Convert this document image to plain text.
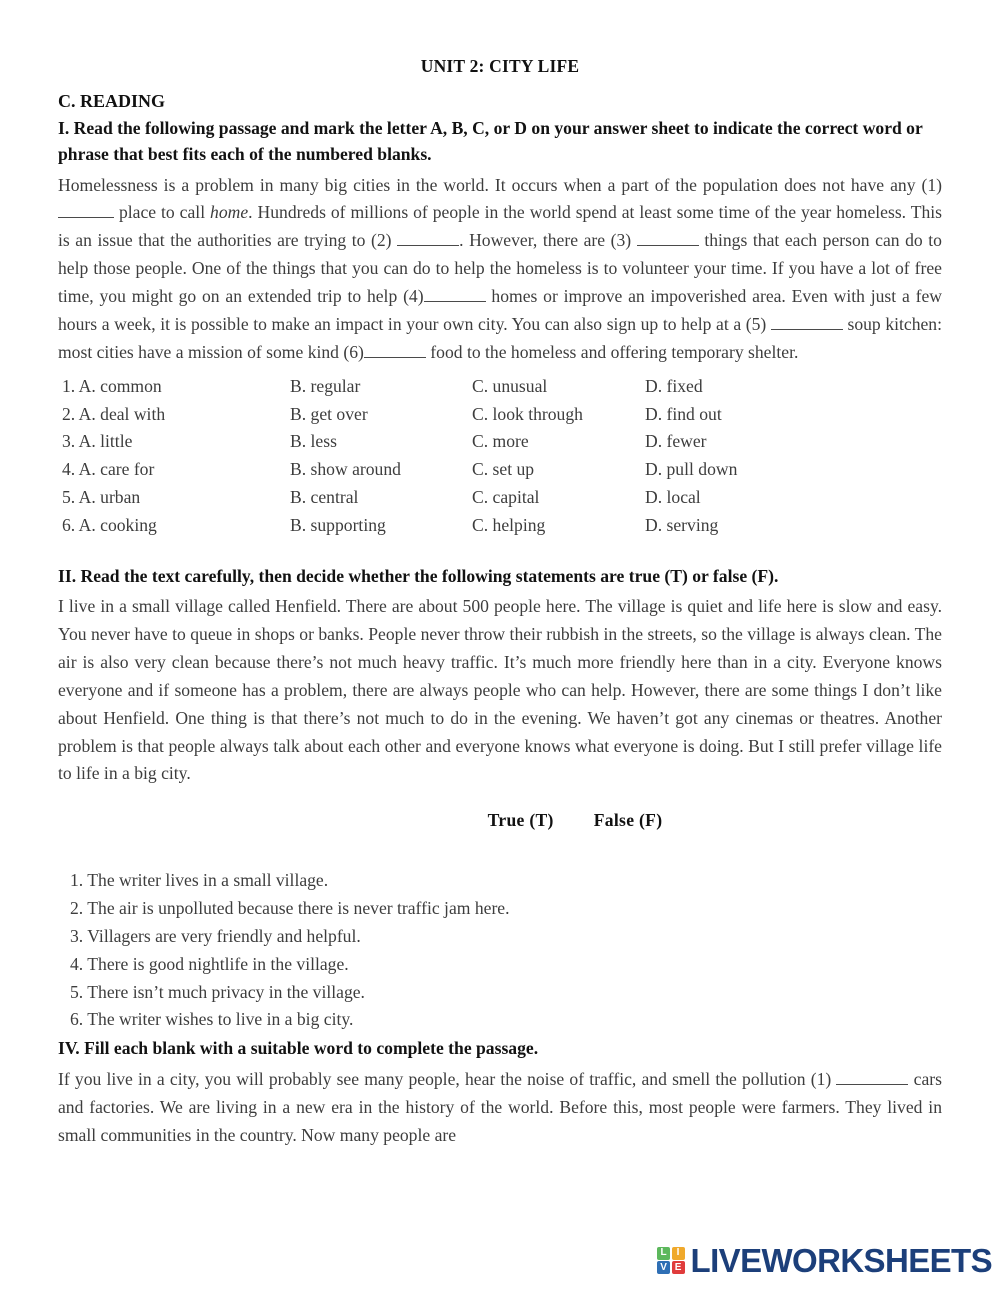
UNIT 2: CITY LIFE
C. READING
I. Read the following passage and mark the letter A, B, C, or D on your answer sheet to indicate the correct word or phrase that best fits each of the numbered blanks.

Homelessness is a problem in many big cities in the world. It occurs when a part of the population does not have any (1) place to call home. Hundreds of millions of people in the world spend at least some time of the year homeless. This is an issue that the authorities are trying to (2)	. However, there are (3)	things that each person can do to help those people. One of the things that you can do to help the homeless is to volunteer your time. If you have a lot of free time, you might go on an extended trip to help (4)	homes or improve an impoverished area. Even with just a few hours a week, it is possible to make an impact in your own city. You can also sign up to help at a (5)	soup kitchen: most cities have a mission of some kind (6)	food to the homeless and offering temporary shelter.

1. A. common	B. regular	C. unusual	D. fixed
2. A. deal with	B. get over	C. look through	D. find out
3. A. little	B. less	C. more	D. fewer
4. A. care for	B. show around	C. set up	D. pull down
5. A. urban	B. central	C. capital	D. local
6. A. cooking	B. supporting	C. helping	D. serving
II. Read the text carefully, then decide whether the following statements are true (T) or false (F).

I live in a small village called Henfield. There are about 500 people here. The village is quiet and life here is slow and easy. You never have to queue in shops or banks. People never throw their rubbish in the streets, so the village is always clean. The air is also very clean because there’s not much heavy traffic. It’s much more friendly here than in a city. Everyone knows everyone and if someone has a problem, there are always people who can help. However, there are some things I don’t like about Henfield. One thing is that there’s not much to do in the evening. We haven’t got any cinemas or theatres. Another problem is that people always talk about each other and everyone knows what everyone is doing. But I still prefer village life to life in a big city.

True (T) False (F)
1. The writer lives in a small village.
2. The air is unpolluted because there is never traffic jam here.
3. Villagers are very friendly and helpful.
4. There is good nightlife in the village.
5. There isn’t much privacy in the village.
6. The writer wishes to live in a big city.
IV. Fill each blank with a suitable word to complete the passage.

If you live in a city, you will probably see many people, hear the noise of traffic, and smell the pollution (1)	cars and factories. We are living in a new era in the history of the world. Before this, most people were farmers. They lived in small communities in the country. Now many people are

L	I
V E LIVEWORKSHEETS
